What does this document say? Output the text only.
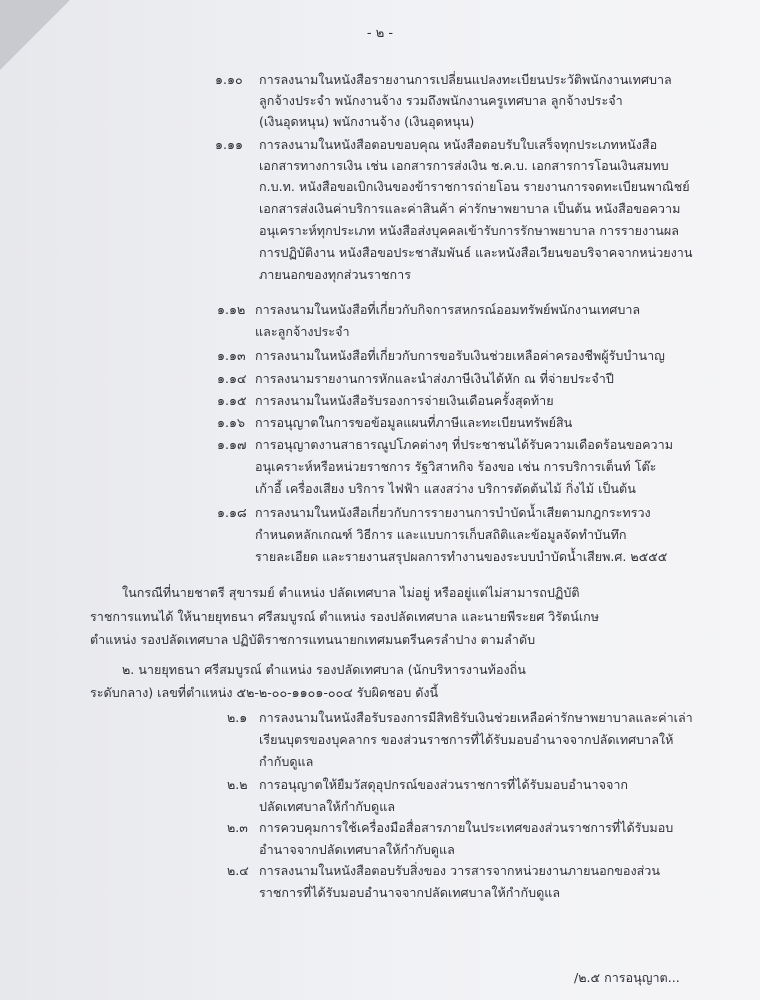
- ๒ -
๑.๑๐ การลงนามในหนังสือรายงานการเปลี่ยนแปลงทะเบียนประวัติพนักงานเทศบาล
ลูกจ้างประจำ พนักงานจ้าง รวมถึงพนักงานครูเทศบาล ลูกจ้างประจำ
(เงินอุดหนุน) พนักงานจ้าง (เงินอุดหนุน)
๑.๑๑ การลงนามในหนังสือตอบขอบคุณ หนังสือตอบรับใบเสร็จทุกประเภทหนังสือ
เอกสารทางการเงิน เช่น เอกสารการส่งเงิน ช.ค.บ. เอกสารการโอนเงินสมทบ
ก.บ.ท. หนังสือขอเบิกเงินของข้าราชการถ่ายโอน รายงานการจดทะเบียนพาณิชย์
เอกสารส่งเงินค่าบริการและค่าสินค้า ค่ารักษาพยาบาล เป็นต้น หนังสือขอความ
อนุเคราะห์ทุกประเภท หนังสือส่งบุคคลเข้ารับการรักษาพยาบาล การรายงานผล
การปฏิบัติงาน หนังสือขอประชาสัมพันธ์ และหนังสือเวียนขอบริจาคจากหน่วยงาน
ภายนอกของทุกส่วนราชการ
๑.๑๒ การลงนามในหนังสือที่เกี่ยวกับกิจการสหกรณ์ออมทรัพย์พนักงานเทศบาล
และลูกจ้างประจำ
๑.๑๓ การลงนามในหนังสือที่เกี่ยวกับการขอรับเงินช่วยเหลือค่าครองชีพผู้รับบำนาญ
๑.๑๔ การลงนามรายงานการหักและนำส่งภาษีเงินได้หัก ณ ที่จ่ายประจำปี
๑.๑๕ การลงนามในหนังสือรับรองการจ่ายเงินเดือนครั้งสุดท้าย
๑.๑๖ การอนุญาตในการขอข้อมูลแผนที่ภาษีและทะเบียนทรัพย์สิน
๑.๑๗ การอนุญาตงานสาธารณูปโภคต่างๆ ที่ประชาชนได้รับความเดือดร้อนขอความ
อนุเคราะห์หรือหน่วยราชการ รัฐวิสาหกิจ ร้องขอ เช่น การบริการเต็นท์ โต๊ะ
เก้าอี้ เครื่องเสียง บริการ ไฟฟ้า แสงสว่าง บริการตัดต้นไม้ กิ่งไม้ เป็นต้น
๑.๑๘ การลงนามในหนังสือเกี่ยวกับการรายงานการบำบัดน้ำเสียตามกฎกระทรวง
กำหนดหลักเกณฑ์ วิธีการ และแบบการเก็บสถิติและข้อมูลจัดทำบันทึก
รายละเอียด และรายงานสรุปผลการทำงานของระบบบำบัดน้ำเสียพ.ศ. ๒๕๕๕
ในกรณีที่นายชาตรี สุขารมย์ ตำแหน่ง ปลัดเทศบาล ไม่อยู่ หรืออยู่แต่ไม่สามารถปฏิบัติ
ราชการแทนได้ ให้นายยุทธนา ศรีสมบูรณ์ ตำแหน่ง รองปลัดเทศบาล และนายพีระยศ วิรัตน์เกษ
ตำแหน่ง รองปลัดเทศบาล ปฏิบัติราชการแทนนายกเทศมนตรีนครลำปาง ตามลำดับ
๒. นายยุทธนา ศรีสมบูรณ์ ตำแหน่ง รองปลัดเทศบาล (นักบริหารงานท้องถิ่น
ระดับกลาง) เลขที่ตำแหน่ง ๕๒-๒-๐๐-๑๑๐๑-๐๐๔ รับผิดชอบ ดังนี้
๒.๑ การลงนามในหนังสือรับรองการมีสิทธิรับเงินช่วยเหลือค่ารักษาพยาบาลและค่าเล่า
เรียนบุตรของบุคลากร ของส่วนราชการที่ได้รับมอบอำนาจจากปลัดเทศบาลให้
กำกับดูแล
๒.๒ การอนุญาตให้ยืมวัสดุอุปกรณ์ของส่วนราชการที่ได้รับมอบอำนาจจาก
ปลัดเทศบาลให้กำกับดูแล
๒.๓ การควบคุมการใช้เครื่องมือสื่อสารภายในประเทศของส่วนราชการที่ได้รับมอบ
อำนาจจากปลัดเทศบาลให้กำกับดูแล
๒.๔ การลงนามในหนังสือตอบรับสิ่งของ วารสารจากหน่วยงานภายนอกของส่วน
ราชการที่ได้รับมอบอำนาจจากปลัดเทศบาลให้กำกับดูแล
/๒.๕ การอนุญาต...
